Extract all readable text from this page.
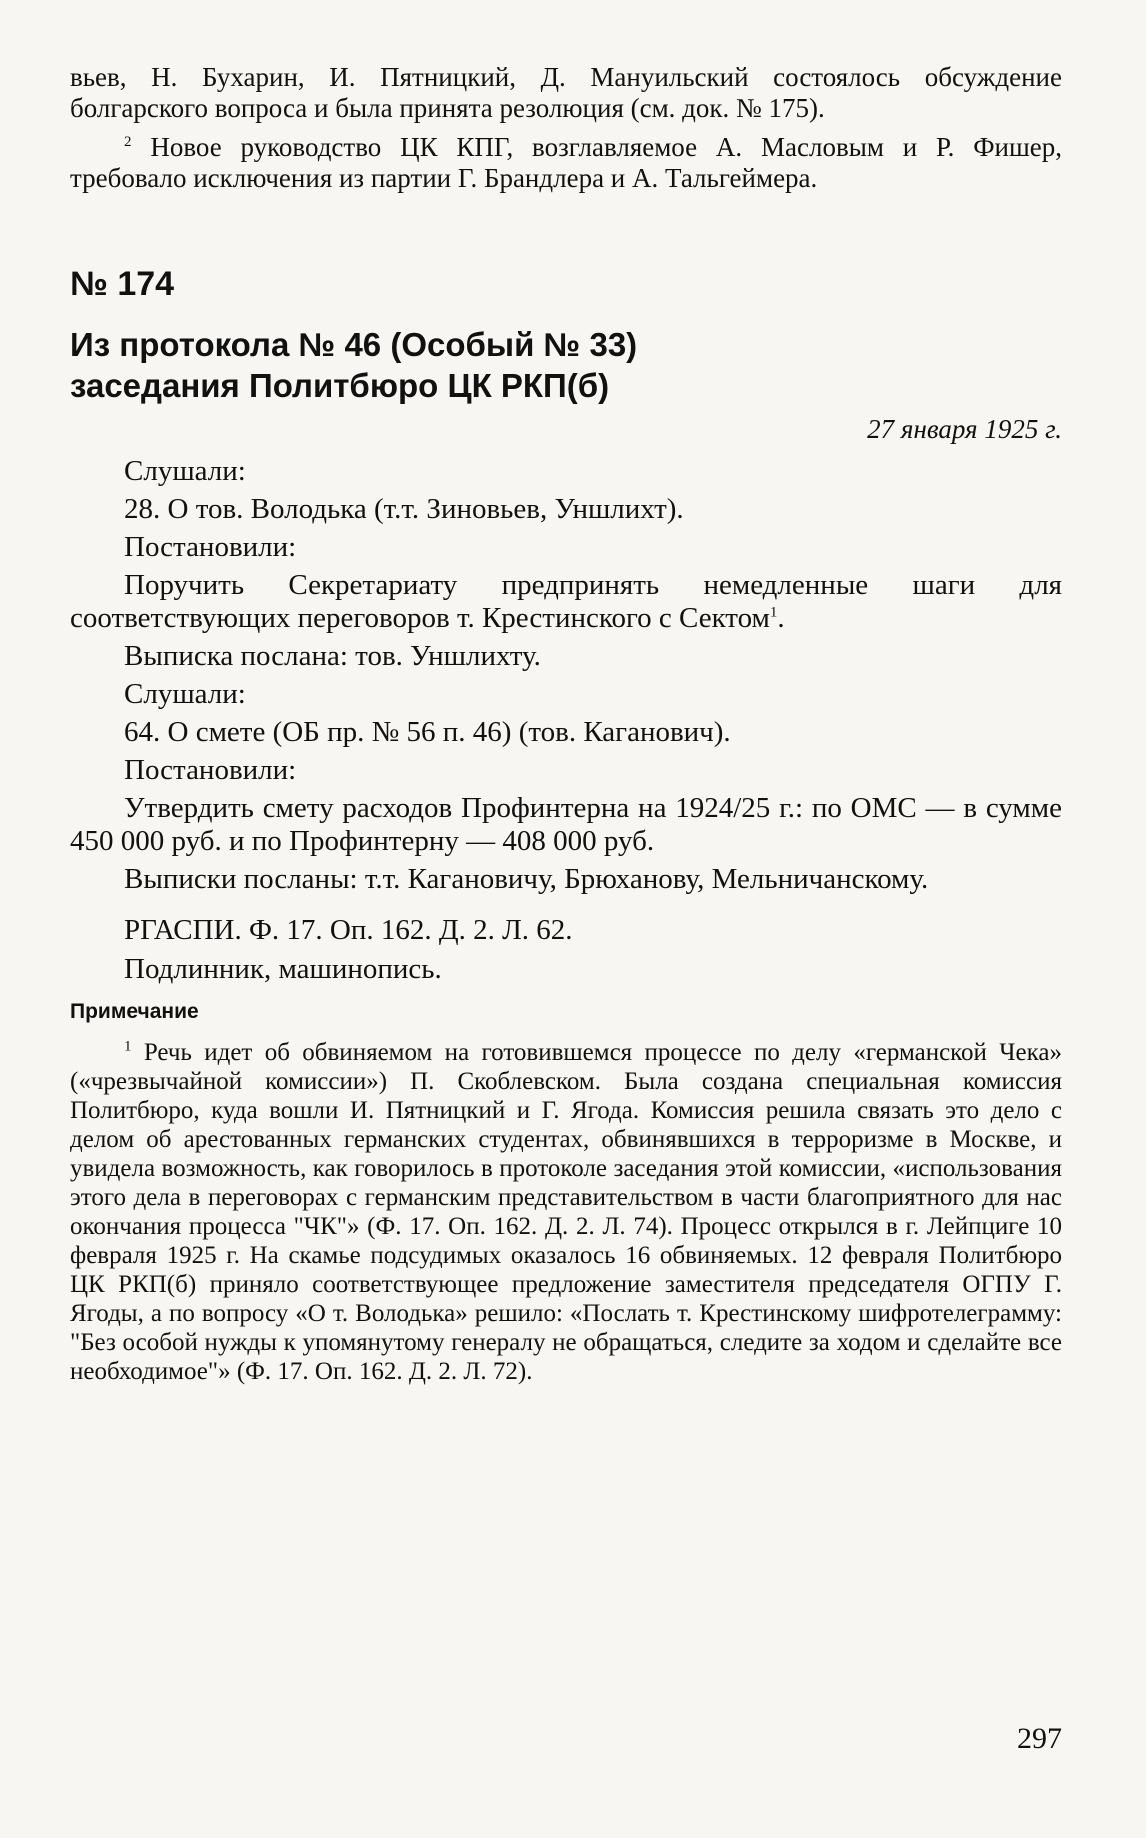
вьев, Н. Бухарин, И. Пятницкий, Д. Мануильский состоялось обсуждение

болгарского вопроса и была принята резолюция (см. док. № 175).

$^2$ Новое руководство ЦК КПГ, возглавляемое А. Масловым и Р. Фишер, требовало исключения из партии Г. Брандлера и А. Тальгеймера.

№ 174

Из протокола № 46 (Особый № 33)

заседания Политбюро ЦК РКП(б)

27 января 1925 г.

Слушали:

28. О тов. Володька (т.т. Зиновьев, Уншлихт).

Постановили:

Поручить Секретариату предпринять немедленные шаги для соответствующих переговоров т. Крестинского с Сектом$^1$.

Выписка послана: тов. Уншлихту.

Слушали:

64. О смете (ОБ пр. № 56 п. 46) (тов. Каганович).

Постановили:

Утвердить смету расходов Профинтерна на 1924/25 г.: по ОМС — в сумме 450 000 руб. и по Профинтерну — 408 000 руб.

Выписки посланы: т.т. Кагановичу, Брюханову, Мельничанскому.

РГАСПИ. Ф. 17. Оп. 162. Д. 2. Л. 62.

Подлинник, машинопись.

Примечание

$^1$ Речь идет об обвиняемом на готовившемся процессе по делу «германской Чека» («чрезвычайной комиссии») П. Скоблевском. Была создана специальная комиссия Политбюро, куда вошли И. Пятницкий и Г. Ягода. Комиссия решила связать это дело с делом об арестованных германских студентах, обвинявшихся в терроризме в Москве, и увидела возможность, как говорилось в протоколе заседания этой комиссии, «использования этого дела в переговорах с германским представительством в части благоприятного для нас окончания процесса "ЧК"» (Ф. 17. Оп. 162. Д. 2. Л. 74). Процесс открылся в г. Лейпциге 10 февраля 1925 г. На скамье подсудимых оказалось 16 обвиняемых. 12 февраля Политбюро ЦК РКП(б) приняло соответствующее предложение заместителя председателя ОГПУ Г. Ягоды, а по вопросу «О т. Володька» решило: «Послать т. Крестинскому шифротелеграмму: "Без особой нужды к упомянутому генералу не обращаться, следите за ходом и сделайте все необходимое"» (Ф. 17. Оп. 162. Д. 2. Л. 72).

297
